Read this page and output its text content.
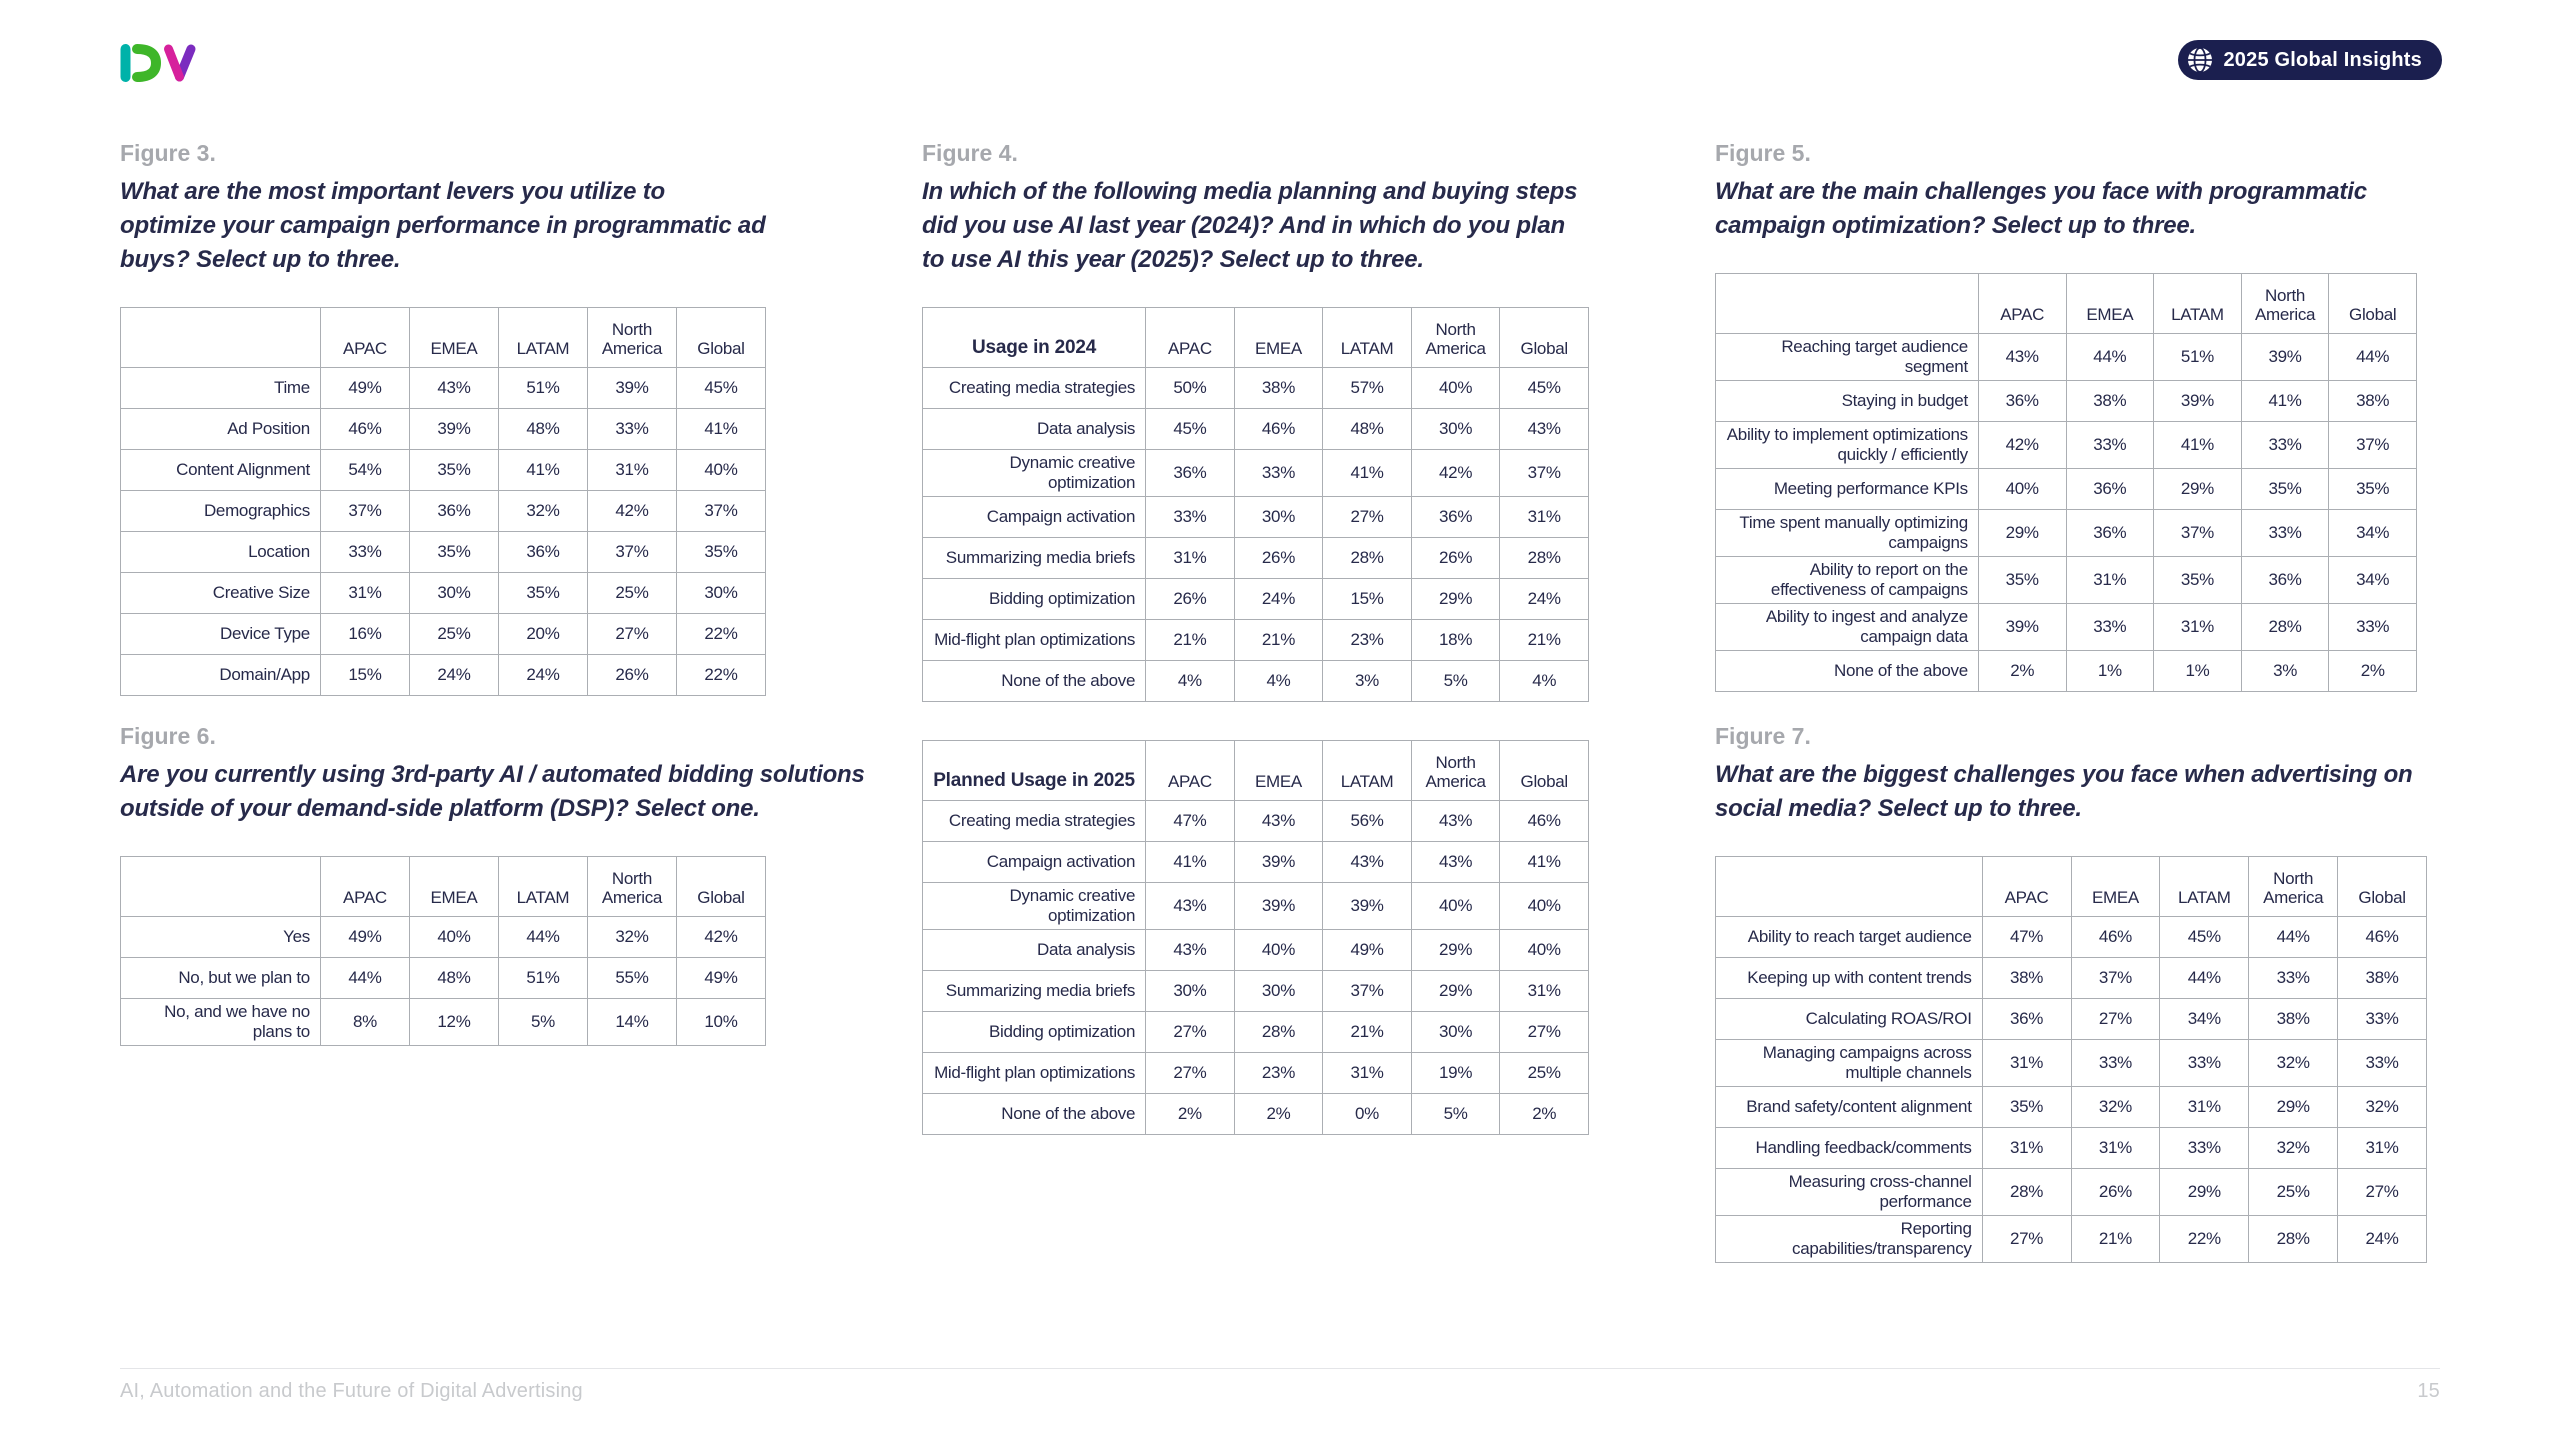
2025 Global Insights
Figure 3.
What are the most important levers you utilize to optimize your campaign performance in programmatic ad buys? Select up to three.
	APAC	EMEA	LATAM	North America	Global
Time	49%	43%	51%	39%	45%
Ad Position	46%	39%	48%	33%	41%
Content Alignment	54%	35%	41%	31%	40%
Demographics	37%	36%	32%	42%	37%
Location	33%	35%	36%	37%	35%
Creative Size	31%	30%	35%	25%	30%
Device Type	16%	25%	20%	27%	22%
Domain/App	15%	24%	24%	26%	22%
Figure 4.
In which of the following media planning and buying steps did you use AI last year (2024)? And in which do you plan to use AI this year (2025)? Select up to three.
Usage in 2024	APAC	EMEA	LATAM	North America	Global
Creating media strategies	50%	38%	57%	40%	45%
Data analysis	45%	46%	48%	30%	43%
Dynamic creative optimization	36%	33%	41%	42%	37%
Campaign activation	33%	30%	27%	36%	31%
Summarizing media briefs	31%	26%	28%	26%	28%
Bidding optimization	26%	24%	15%	29%	24%
Mid-flight plan optimizations	21%	21%	23%	18%	21%
None of the above	4%	4%	3%	5%	4%
Planned Usage in 2025	APAC	EMEA	LATAM	North America	Global
Creating media strategies	47%	43%	56%	43%	46%
Campaign activation	41%	39%	43%	43%	41%
Dynamic creative optimization	43%	39%	39%	40%	40%
Data analysis	43%	40%	49%	29%	40%
Summarizing media briefs	30%	30%	37%	29%	31%
Bidding optimization	27%	28%	21%	30%	27%
Mid-flight plan optimizations	27%	23%	31%	19%	25%
None of the above	2%	2%	0%	5%	2%
Figure 5.
What are the main challenges you face with programmatic campaign optimization? Select up to three.
	APAC	EMEA	LATAM	North America	Global
Reaching target audience segment	43%	44%	51%	39%	44%
Staying in budget	36%	38%	39%	41%	38%
Ability to implement optimizations quickly / efficiently	42%	33%	41%	33%	37%
Meeting performance KPIs	40%	36%	29%	35%	35%
Time spent manually optimizing campaigns	29%	36%	37%	33%	34%
Ability to report on the effectiveness of campaigns	35%	31%	35%	36%	34%
Ability to ingest and analyze campaign data	39%	33%	31%	28%	33%
None of the above	2%	1%	1%	3%	2%
Figure 6.
Are you currently using 3rd-party AI / automated bidding solutions outside of your demand-side platform (DSP)? Select one.
	APAC	EMEA	LATAM	North America	Global
Yes	49%	40%	44%	32%	42%
No, but we plan to	44%	48%	51%	55%	49%
No, and we have no plans to	8%	12%	5%	14%	10%
Figure 7.
What are the biggest challenges you face when advertising on social media? Select up to three.
	APAC	EMEA	LATAM	North America	Global
Ability to reach target audience	47%	46%	45%	44%	46%
Keeping up with content trends	38%	37%	44%	33%	38%
Calculating ROAS/ROI	36%	27%	34%	38%	33%
Managing campaigns across multiple channels	31%	33%	33%	32%	33%
Brand safety/content alignment	35%	32%	31%	29%	32%
Handling feedback/comments	31%	31%	33%	32%	31%
Measuring cross-channel performance	28%	26%	29%	25%	27%
Reporting capabilities/transparency	27%	21%	22%	28%	24%
AI, Automation and the Future of Digital Advertising	15
